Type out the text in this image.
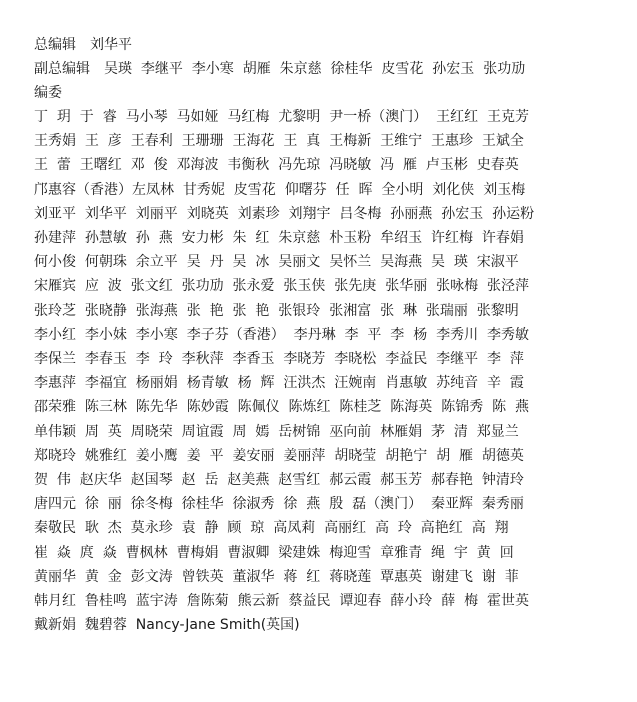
总编辑 刘华平
副总编辑 吴瑛  李继平  李小寒  胡雁  朱京慈  徐桂华  皮雪花  孙宏玉  张功劢
编委
丁  玥  于  睿  马小琴  马如娅  马红梅  尤黎明  尹一桥（澳门）  王红红  王克芳
王秀娟  王  彦  王春利  王珊珊  王海花  王  真  王梅新  王维宁  王惠珍  王斌全
王  蕾  王曙红  邓  俊  邓海波  韦衡秋  冯先琼  冯晓敏  冯  雁  卢玉彬  史春英
邝惠容（香港）左凤林  甘秀妮  皮雪花  仰曙芬  任  晖  全小明  刘化侠  刘玉梅
刘亚平  刘华平  刘丽平  刘晓英  刘素珍  刘翔宇  吕冬梅  孙丽燕  孙宏玉  孙运粉
孙建萍  孙慧敏  孙  燕  安力彬  朱  红  朱京慈  朴玉粉  牟绍玉  许红梅  许春娟
何小俊  何朝珠  余立平  吴  丹  吴  冰  吴丽文  吴怀兰  吴海燕  吴  瑛  宋淑平
宋雁宾  应  波  张文红  张功劢  张永爱  张玉侠  张先庚  张华丽  张咏梅  张泾萍
张玲芝  张晓静  张海燕  张  艳  张  艳  张银玲  张湘富  张  琳  张瑞丽  张黎明
李小红  李小妹  李小寒  李子芬（香港）  李丹琳  李  平  李  杨  李秀川  李秀敏
李保兰  李春玉  李  玲  李秋萍  李香玉  李晓芳  李晓松  李益民  李继平  李  萍
李惠萍  李福宜  杨丽娟  杨青敏  杨  辉  汪洪杰  汪婉南  肖惠敏  苏纯音  辛  霞
邵荣雅  陈三林  陈先华  陈妙霞  陈佩仪  陈炼红  陈桂芝  陈海英  陈锦秀  陈  燕
单伟颖  周  英  周晓荣  周谊霞  周  嫣  岳树锦  巫向前  林雁娟  茅  清  郑显兰
郑晓玲  姚雅红  姜小鹰  姜  平  姜安丽  姜丽萍  胡晓莹  胡艳宁  胡  雁  胡德英
贺  伟  赵庆华  赵国琴  赵  岳  赵美燕  赵雪红  郝云霞  郝玉芳  郝春艳  钟清玲
唐四元  徐  丽  徐冬梅  徐桂华  徐淑秀  徐  燕  殷  磊（澳门）  秦亚辉  秦秀丽
秦敬民  耿  杰  莫永珍  袁  静  顾  琼  高凤莉  高丽红  高  玲  高艳红  高  翔
崔  焱  庹  焱  曹枫林  曹梅娟  曹淑卿  梁建姝  梅迎雪  章雅青  绳  宇  黄  回
黄丽华  黄  金  彭文涛  曾铁英  董淑华  蒋  红  蒋晓莲  覃惠英  谢建飞  谢  菲
韩月红  鲁桂鸣  蓝宇涛  詹陈菊  熊云新  蔡益民  谭迎春  薛小玲  薛  梅  霍世英
戴新娟  魏碧蓉  Nancy-Jane Smith(英国)
